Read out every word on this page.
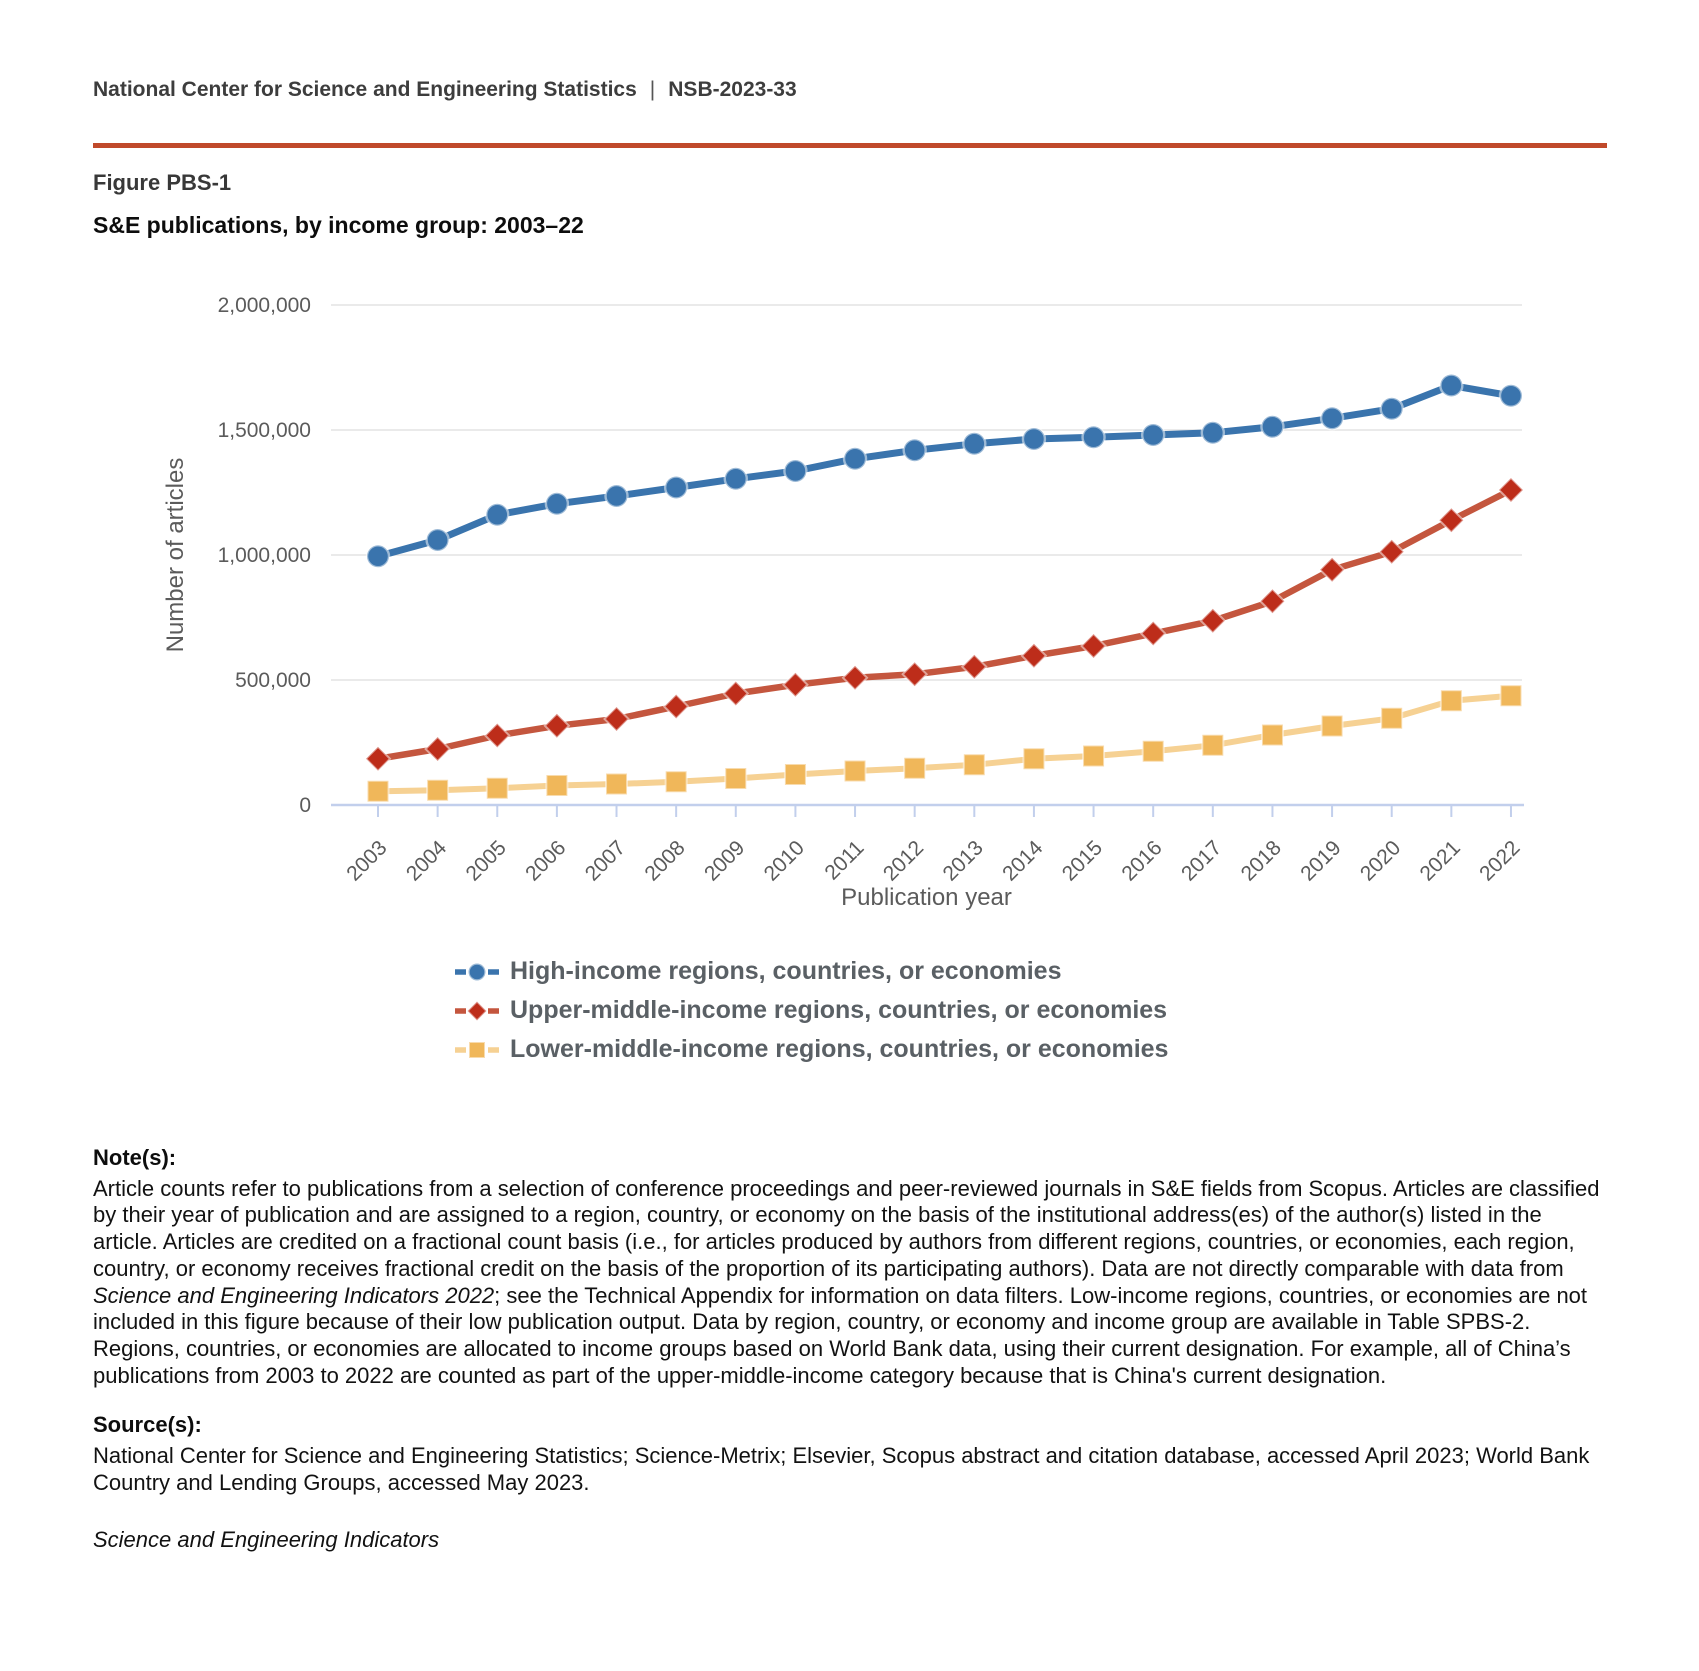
National Center for Science and Engineering Statistics | NSB-2023-33
Figure PBS-1
S&E publications, by income group: 2003–22
0
500,000
1,000,000
1,500,000
2,000,000
2003 2004 2005 2006 2007 2008 2009 2010 2011 2012 2013 2014 2015 2016 2017 2018 2019 2020 2021 2022
Number of articles
Publication year
High-income regions, countries, or economies
Upper-middle-income regions, countries, or economies
Lower-middle-income regions, countries, or economies
Note(s):

Article counts refer to publications from a selection of conference proceedings and peer-reviewed journals in S&E fields from Scopus. Articles are classified by their year of publication and are assigned to a region, country, or economy on the basis of the institutional address(es) of the author(s) listed in the article. Articles are credited on a fractional count basis (i.e., for articles produced by authors from different regions, countries, or economies, each region, country, or economy receives fractional credit on the basis of the proportion of its participating authors). Data are not directly comparable with data from Science and Engineering Indicators 2022; see the Technical Appendix for information on data filters. Low-income regions, countries, or economies are not included in this figure because of their low publication output. Data by region, country, or economy and income group are available in Table SPBS-2. Regions, countries, or economies are allocated to income groups based on World Bank data, using their current designation. For example, all of China’s publications from 2003 to 2022 are counted as part of the upper-middle-income category because that is China's current designation.

Source(s):

National Center for Science and Engineering Statistics; Science-Metrix; Elsevier, Scopus abstract and citation database, accessed April 2023; World Bank Country and Lending Groups, accessed May 2023.

Science and Engineering Indicators
